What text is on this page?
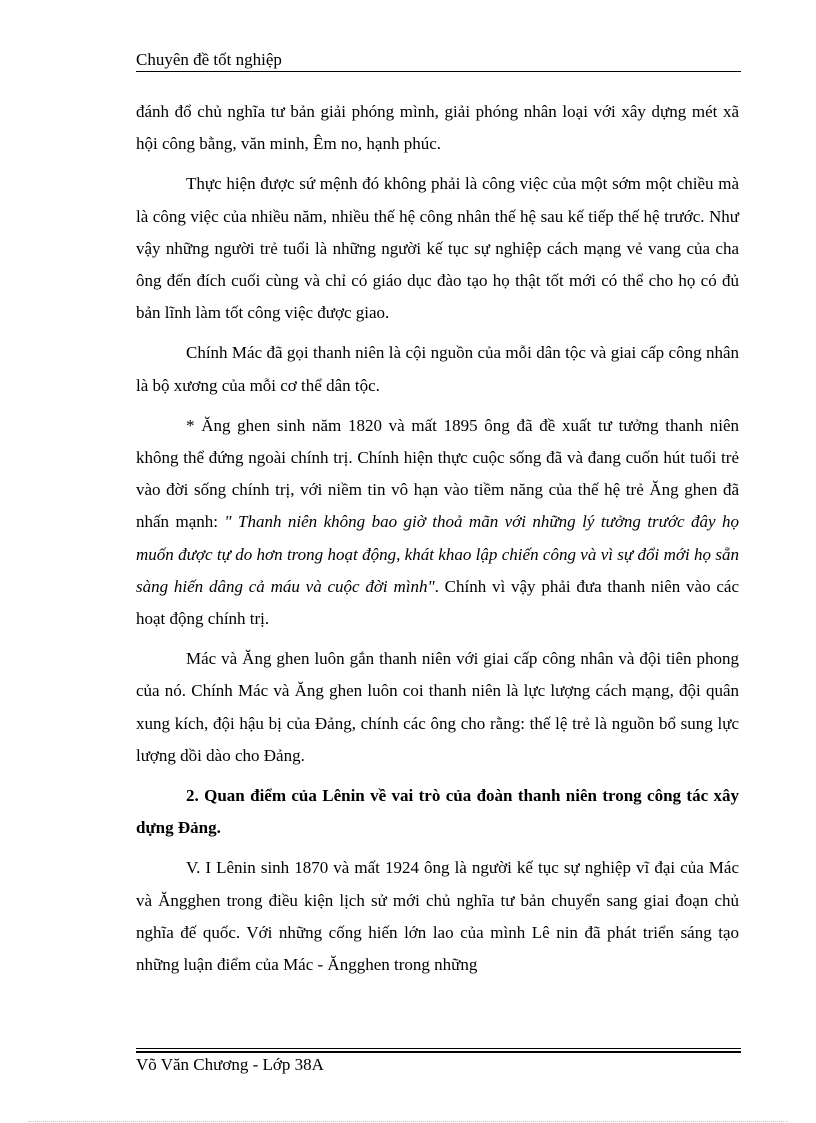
Chuyên đề tốt nghiệp

đánh đổ chủ nghĩa tư bản giải phóng mình, giải phóng nhân loại với xây dựng mét xã hội công bằng, văn minh, Êm no, hạnh phúc.

Thực hiện được sứ mệnh đó không phải là công việc của một sớm một chiều mà là công việc của nhiều năm, nhiều thế hệ công nhân thế hệ sau kế tiếp thế hệ trước. Như vậy những người trẻ tuổi là những người kế tục sự nghiệp cách mạng vẻ vang của cha ông đến đích cuối cùng và chỉ có giáo dục đào tạo họ thật tốt mới có thể cho họ có đủ bản lĩnh làm tốt công việc được giao.

Chính Mác đã gọi thanh niên là cội nguồn của mỗi dân tộc và giai cấp công nhân là bộ xương của mỗi cơ thể dân tộc.

* Ăng ghen sinh năm 1820 và mất 1895 ông đã đề xuất tư tưởng thanh niên không thể đứng ngoài chính trị. Chính hiện thực cuộc sống đã và đang cuốn hút tuổi trẻ vào đời sống chính trị, với niềm tin vô hạn vào tiềm năng của thế hệ trẻ Ăng ghen đã nhấn mạnh: " Thanh niên không bao giờ thoả mãn với những lý tưởng trước đây họ muốn được tự do hơn trong hoạt động, khát khao lập chiến công và vì sự đổi mới họ sẵn sàng hiến dâng cả máu và cuộc đời mình". Chính vì vậy phải đưa thanh niên vào các hoạt động chính trị.

Mác và Ăng ghen luôn gắn thanh niên với giai cấp công nhân và đội tiên phong của nó. Chính Mác và Ăng ghen luôn coi thanh niên là lực lượng cách mạng, đội quân xung kích, đội hậu bị của Đảng, chính các ông cho rằng: thế lệ trẻ là nguồn bổ sung lực lượng dồi dào cho Đảng.

2. Quan điểm của Lênin về vai trò của đoàn thanh niên trong công tác xây dựng Đảng.

V. I Lênin sinh 1870 và mất 1924 ông là người kế tục sự nghiệp vĩ đại của Mác và Ăngghen trong điều kiện lịch sử mới chủ nghĩa tư bản chuyển sang giai đoạn chủ nghĩa đế quốc. Với những cống hiến lớn lao của mình Lê nin đã phát triển sáng tạo những luận điểm của Mác - Ăngghen trong những

Võ Văn Chương - Lớp 38A
